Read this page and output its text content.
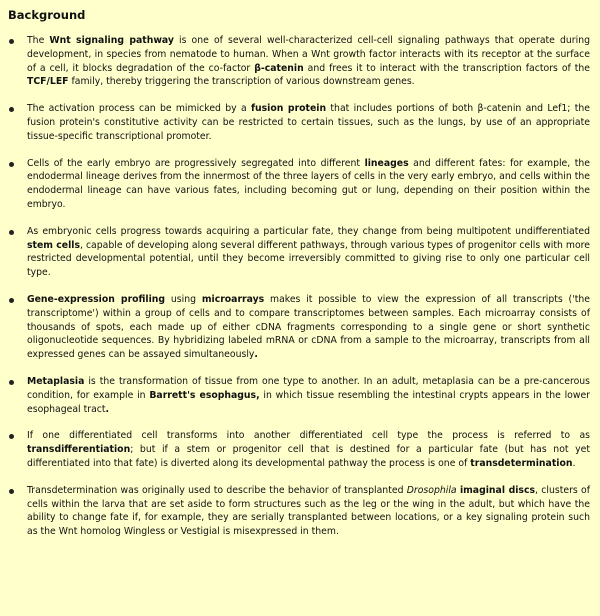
Background
The Wnt signaling pathway is one of several well-characterized cell-cell signaling pathways that operate during development, in species from nematode to human. When a Wnt growth factor interacts with its receptor at the surface of a cell, it blocks degradation of the co-factor β-catenin and frees it to interact with the transcription factors of the TCF/LEF family, thereby triggering the transcription of various downstream genes.
The activation process can be mimicked by a fusion protein that includes portions of both β-catenin and Lef1; the fusion protein's constitutive activity can be restricted to certain tissues, such as the lungs, by use of an appropriate tissue-specific transcriptional promoter.
Cells of the early embryo are progressively segregated into different lineages and different fates: for example, the endodermal lineage derives from the innermost of the three layers of cells in the very early embryo, and cells within the endodermal lineage can have various fates, including becoming gut or lung, depending on their position within the embryo.
As embryonic cells progress towards acquiring a particular fate, they change from being multipotent undifferentiated stem cells, capable of developing along several different pathways, through various types of progenitor cells with more restricted developmental potential, until they become irreversibly committed to giving rise to only one particular cell type.
Gene-expression profiling using microarrays makes it possible to view the expression of all transcripts ('the transcriptome') within a group of cells and to compare transcriptomes between samples. Each microarray consists of thousands of spots, each made up of either cDNA fragments corresponding to a single gene or short synthetic oligonucleotide sequences. By hybridizing labeled mRNA or cDNA from a sample to the microarray, transcripts from all expressed genes can be assayed simultaneously.
Metaplasia is the transformation of tissue from one type to another. In an adult, metaplasia can be a pre-cancerous condition, for example in Barrett's esophagus, in which tissue resembling the intestinal crypts appears in the lower esophageal tract.
If one differentiated cell transforms into another differentiated cell type the process is referred to as transdifferentiation; but if a stem or progenitor cell that is destined for a particular fate (but has not yet differentiated into that fate) is diverted along its developmental pathway the process is one of transdetermination.
Transdetermination was originally used to describe the behavior of transplanted Drosophila imaginal discs, clusters of cells within the larva that are set aside to form structures such as the leg or the wing in the adult, but which have the ability to change fate if, for example, they are serially transplanted between locations, or a key signaling protein such as the Wnt homolog Wingless or Vestigial is misexpressed in them.
